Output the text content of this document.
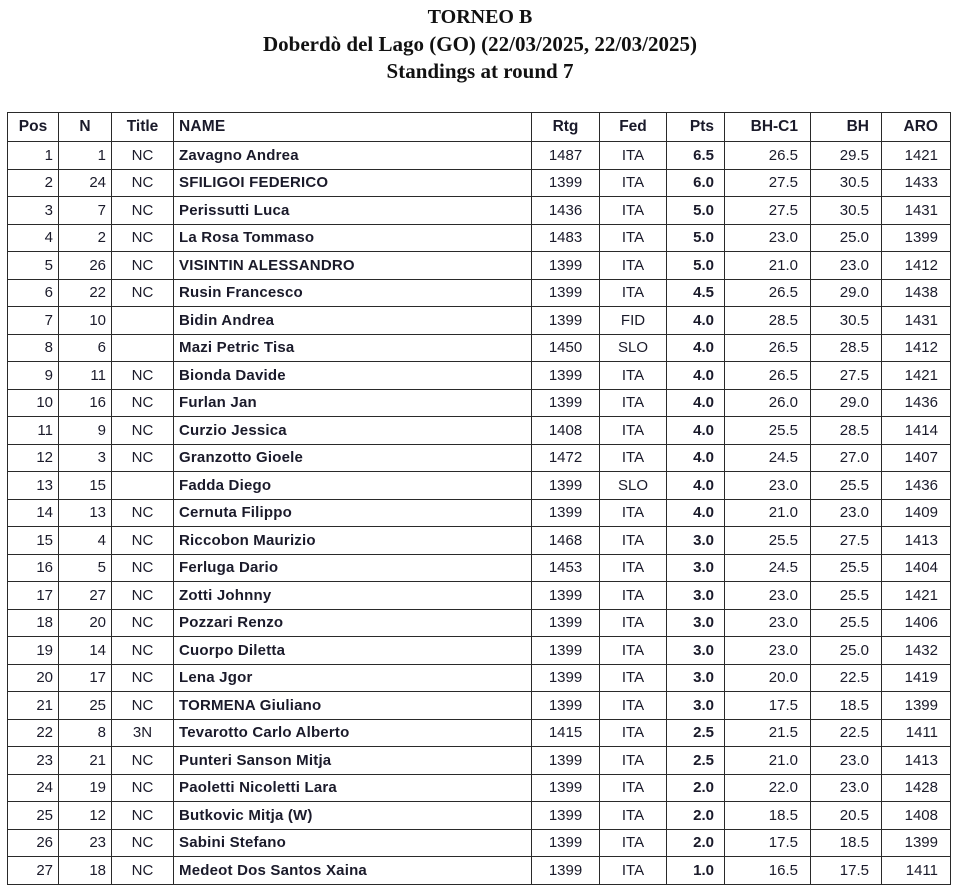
TORNEO B
Doberdò del Lago (GO) (22/03/2025, 22/03/2025)
Standings at round 7
Pos	N	Title	NAME	Rtg	Fed	Pts	BH-C1	BH	ARO
1	1	NC	Zavagno Andrea	1487	ITA	6.5	26.5	29.5	1421
2	24	NC	SFILIGOI FEDERICO	1399	ITA	6.0	27.5	30.5	1433
3	7	NC	Perissutti Luca	1436	ITA	5.0	27.5	30.5	1431
4	2	NC	La Rosa Tommaso	1483	ITA	5.0	23.0	25.0	1399
5	26	NC	VISINTIN ALESSANDRO	1399	ITA	5.0	21.0	23.0	1412
6	22	NC	Rusin Francesco	1399	ITA	4.5	26.5	29.0	1438
7	10		Bidin Andrea	1399	FID	4.0	28.5	30.5	1431
8	6		Mazi Petric Tisa	1450	SLO	4.0	26.5	28.5	1412
9	11	NC	Bionda Davide	1399	ITA	4.0	26.5	27.5	1421
10	16	NC	Furlan Jan	1399	ITA	4.0	26.0	29.0	1436
11	9	NC	Curzio Jessica	1408	ITA	4.0	25.5	28.5	1414
12	3	NC	Granzotto Gioele	1472	ITA	4.0	24.5	27.0	1407
13	15		Fadda Diego	1399	SLO	4.0	23.0	25.5	1436
14	13	NC	Cernuta Filippo	1399	ITA	4.0	21.0	23.0	1409
15	4	NC	Riccobon Maurizio	1468	ITA	3.0	25.5	27.5	1413
16	5	NC	Ferluga Dario	1453	ITA	3.0	24.5	25.5	1404
17	27	NC	Zotti Johnny	1399	ITA	3.0	23.0	25.5	1421
18	20	NC	Pozzari Renzo	1399	ITA	3.0	23.0	25.5	1406
19	14	NC	Cuorpo Diletta	1399	ITA	3.0	23.0	25.0	1432
20	17	NC	Lena Jgor	1399	ITA	3.0	20.0	22.5	1419
21	25	NC	TORMENA Giuliano	1399	ITA	3.0	17.5	18.5	1399
22	8	3N	Tevarotto Carlo Alberto	1415	ITA	2.5	21.5	22.5	1411
23	21	NC	Punteri Sanson Mitja	1399	ITA	2.5	21.0	23.0	1413
24	19	NC	Paoletti Nicoletti Lara	1399	ITA	2.0	22.0	23.0	1428
25	12	NC	Butkovic Mitja (W)	1399	ITA	2.0	18.5	20.5	1408
26	23	NC	Sabini Stefano	1399	ITA	2.0	17.5	18.5	1399
27	18	NC	Medeot Dos Santos Xaina	1399	ITA	1.0	16.5	17.5	1411
